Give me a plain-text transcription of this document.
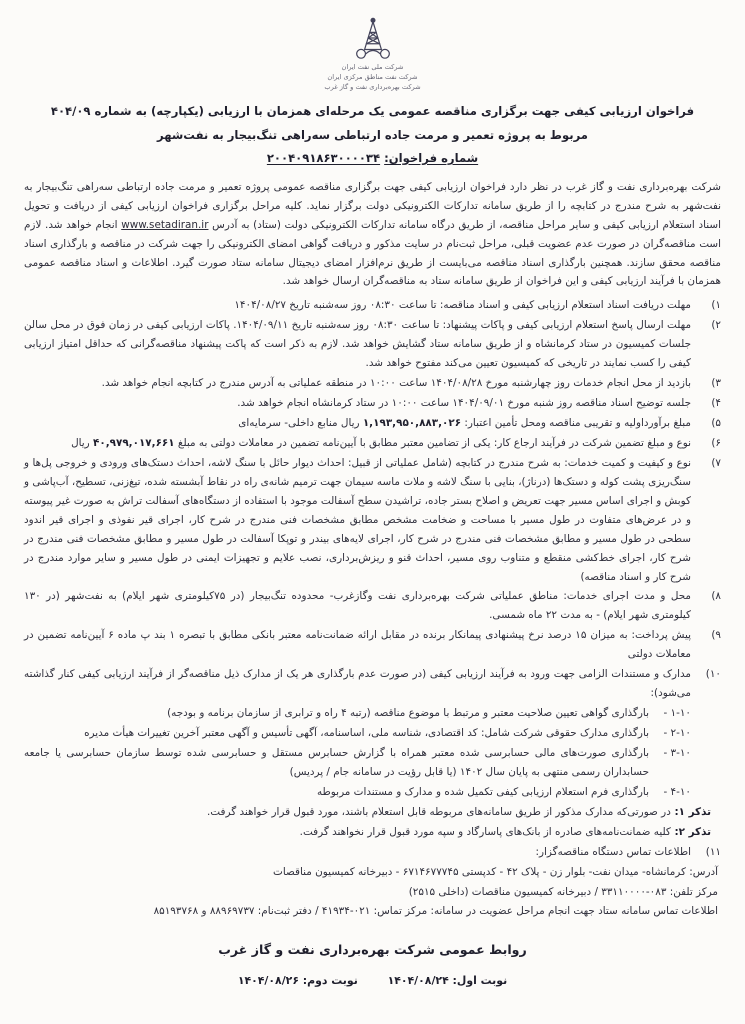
شرکت ملی نفت ایران
شرکت نفت مناطق مرکزی ایران
شرکت بهره‌برداری نفت و گاز غرب
فراخوان ارزیابی کیفی جهت برگزاری مناقصه عمومی یک مرحله‌ای همزمان با ارزیابی (یکپارچه) به شماره ۴۰۴/۰۹
مربوط به پروژه تعمیر و مرمت جاده ارتباطی سه‌راهی تنگ‌بیجار به نفت‌شهر
شماره فراخوان: ۲۰۰۴۰۹۱۸۶۳۰۰۰۰۳۴

شرکت بهره‌برداری نفت و گاز غرب در نظر دارد فراخوان ارزیابی کیفی جهت برگزاری مناقصه عمومی پروژه تعمیر و مرمت جاده ارتباطی سه‌راهی تنگ‌بیجار به نفت‌شهر به شرح مندرج در کتابچه را از طریق سامانه تدارکات الکترونیکی دولت برگزار نماید. کلیه مراحل برگزاری فراخوان ارزیابی کیفی از دریافت و تحویل اسناد استعلام ارزیابی کیفی و سایر مراحل مناقصه، از طریق درگاه سامانه تدارکات الکترونیکی دولت (ستاد) به آدرس www.setadiran.ir انجام خواهد شد. لازم است مناقصه‌گران در صورت عدم عضویت قبلی، مراحل ثبت‌نام در سایت مذکور و دریافت گواهی امضای الکترونیکی را جهت شرکت در مناقصه و بارگذاری اسناد مناقصه محقق سازند. همچنین بارگذاری اسناد مناقصه می‌بایست از طریق نرم‌افزار امضای دیجیتال سامانه ستاد صورت گیرد. اطلاعات و اسناد مناقصه عمومی همزمان با فرآیند ارزیابی کیفی و این فراخوان از طریق سامانه ستاد به مناقصه‌گران ارسال خواهد شد.

۱)
مهلت دریافت اسناد استعلام ارزیابی کیفی و اسناد مناقصه: تا ساعت ۰۸:۳۰ روز سه‌شنبه تاریخ ۱۴۰۴/۰۸/۲۷
۲)
مهلت ارسال پاسخ استعلام ارزیابی کیفی و پاکات پیشنهاد: تا ساعت ۰۸:۳۰ روز سه‌شنبه تاریخ ۱۴۰۴/۰۹/۱۱. پاکات ارزیابی کیفی در زمان فوق در محل سالن جلسات کمیسیون در ستاد کرمانشاه و از طریق سامانه ستاد گشایش خواهد شد. لازم به ذکر است که پاکت پیشنهاد مناقصه‌گرانی که حداقل امتیاز ارزیابی کیفی را کسب نمایند در تاریخی که کمیسیون تعیین می‌کند مفتوح خواهد شد.
۳)
بازدید از محل انجام خدمات روز چهارشنبه مورخ ۱۴۰۴/۰۸/۲۸ ساعت ۱۰:۰۰ در منطقه عملیاتی به آدرس مندرج در کتابچه انجام خواهد شد.
۴)
جلسه توضیح اسناد مناقصه روز شنبه مورخ ۱۴۰۴/۰۹/۰۱ ساعت ۱۰:۰۰ در ستاد کرمانشاه انجام خواهد شد.
۵)
مبلغ برآورداولیه و تقریبی مناقصه ومحل تأمین اعتبار: ۱,۱۹۳,۹۵۰,۸۸۳,۰۲۶ ریال منابع داخلی- سرمایه‌ای
۶)
نوع و مبلغ تضمین شرکت در فرآیند ارجاع کار: یکی از تضامین معتبر مطابق با آیین‌نامه تضمین در معاملات دولتی به مبلغ ۴۰,۹۷۹,۰۱۷,۶۶۱ ریال
۷)
نوع و کیفیت و کمیت خدمات: به شرح مندرج در کتابچه (شامل عملیاتی از قبیل: احداث دیوار حائل با سنگ لاشه، احداث دستک‌های ورودی و خروجی پل‌ها و سنگ‌ریزی پشت کوله و دستک‌ها (درناژ)، بنایی با سنگ لاشه و ملات ماسه سیمان جهت ترمیم شانه‌ی راه در نقاط آبشسته شده، تیغ‌زنی، تسطیح، آب‌پاشی و کوبش و اجرای اساس مسیر جهت تعریض و اصلاح بستر جاده، تراشیدن سطح آسفالت موجود با استفاده از دستگاه‌های آسفالت تراش به صورت غیر پیوسته و در عرض‌های متفاوت در طول مسیر با مساحت و ضخامت مشخص مطابق مشخصات فنی مندرج در شرح کار، اجرای قیر نفوذی و اجرای قیر اندود سطحی در طول مسیر و مطابق مشخصات فنی مندرج در شرح کار، اجرای لایه‌های بیندر و توپکا آسفالت در طول مسیر و مطابق مشخصات فنی مندرج در شرح کار، اجرای خط‌کشی منقطع و متناوب روی مسیر، احداث قنو و ریزش‌برداری، نصب علایم و تجهیزات ایمنی در طول مسیر و سایر موارد مندرج در شرح کار و اسناد مناقصه)
۸)
محل و مدت اجرای خدمات: مناطق عملیاتی شرکت بهره‌برداری نفت وگازغرب- محدوده تنگ‌بیجار (در ۷۵کیلومتری شهر ایلام) به نفت‌شهر (در ۱۳۰ کیلومتری شهر ایلام) - به مدت ۲۲ ماه شمسی.
۹)
پیش پرداخت: به میزان ۱۵ درصد نرخ پیشنهادی پیمانکار برنده در مقابل ارائه ضمانت‌نامه معتبر بانکی مطابق با تبصره ۱ بند پ ماده ۶ آیین‌نامه تضمین در معاملات دولتی
۱۰)
مدارک و مستندات الزامی جهت ورود به فرآیند ارزیابی کیفی (در صورت عدم بارگذاری هر یک از مدارک ذیل مناقصه‌گر از فرآیند ارزیابی کیفی کنار گذاشته می‌شود):
۱-۱۰ -
بارگذاری گواهی تعیین صلاحیت معتبر و مرتبط با موضوع مناقصه (رتبه ۴ راه و ترابری از سازمان برنامه و بودجه)
۲-۱۰ -
بارگذاری مدارک حقوقی شرکت شامل: کد اقتصادی، شناسه ملی، اساسنامه، آگهی تأسیس و آگهی معتبر آخرین تغییرات هیأت مدیره
۳-۱۰ -
بارگذاری صورت‌های مالی حسابرسی شده معتبر همراه با گزارش حسابرس مستقل و حسابرسی شده توسط سازمان حسابرسی یا جامعه حسابداران رسمی منتهی به پایان سال ۱۴۰۲ (یا قابل رؤیت در سامانه جام / پردیس)
۴-۱۰ -
بارگذاری فرم استعلام ارزیابی کیفی تکمیل شده و مدارک و مستندات مربوطه
تذکر ۱: در صورتی‌که مدارک مذکور از طریق سامانه‌های مربوطه قابل استعلام باشند، مورد قبول قرار خواهند گرفت.
تذکر ۲: کلیه ضمانت‌نامه‌های صادره از بانک‌های پاسارگاد و سپه مورد قبول قرار نخواهند گرفت.
۱۱)
اطلاعات تماس دستگاه مناقصه‌گزار:
آدرس: کرمانشاه- میدان نفت- بلوار زن - پلاک ۴۲ - کدپستی ۶۷۱۴۶۷۷۷۴۵ - دبیرخانه کمیسیون مناقصات
مرکز تلفن: ۰۸۳-۳۳۱۱۰۰۰۰ / دبیرخانه کمیسیون مناقصات (داخلی ۲۵۱۵)
اطلاعات تماس سامانه ستاد جهت انجام مراحل عضویت در سامانه: مرکز تماس: ۰۲۱-۴۱۹۳۴ / دفتر ثبت‌نام: ۸۸۹۶۹۷۳۷ و ۸۵۱۹۳۷۶۸
روابط عمومی شرکت بهره‌برداری نفت و گاز غرب
نوبت اول: ۱۴۰۴/۰۸/۲۴ نوبت دوم: ۱۴۰۴/۰۸/۲۶
